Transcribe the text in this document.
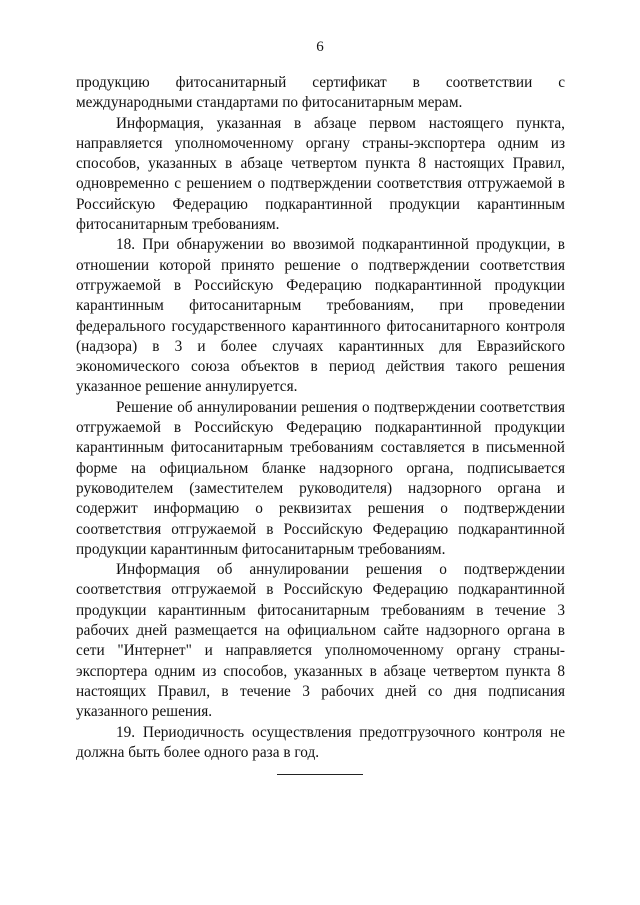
6

продукцию фитосанитарный сертификат в соответствии с международными стандартами по фитосанитарным мерам.

Информация, указанная в абзаце первом настоящего пункта, направляется уполномоченному органу страны-экспортера одним из способов, указанных в абзаце четвертом пункта 8 настоящих Правил, одновременно с решением о подтверждении соответствия отгружаемой в Российскую Федерацию подкарантинной продукции карантинным фитосанитарным требованиям.

18. При обнаружении во ввозимой подкарантинной продукции, в отношении которой принято решение о подтверждении соответствия отгружаемой в Российскую Федерацию подкарантинной продукции карантинным фитосанитарным требованиям, при проведении федерального государственного карантинного фитосанитарного контроля (надзора) в 3 и более случаях карантинных для Евразийского экономического союза объектов в период действия такого решения указанное решение аннулируется.

Решение об аннулировании решения о подтверждении соответствия отгружаемой в Российскую Федерацию подкарантинной продукции карантинным фитосанитарным требованиям составляется в письменной форме на официальном бланке надзорного органа, подписывается руководителем (заместителем руководителя) надзорного органа и содержит информацию о реквизитах решения о подтверждении соответствия отгружаемой в Российскую Федерацию подкарантинной продукции карантинным фитосанитарным требованиям.

Информация об аннулировании решения о подтверждении соответствия отгружаемой в Российскую Федерацию подкарантинной продукции карантинным фитосанитарным требованиям в течение 3 рабочих дней размещается на официальном сайте надзорного органа в сети "Интернет" и направляется уполномоченному органу страны-экспортера одним из способов, указанных в абзаце четвертом пункта 8 настоящих Правил, в течение 3 рабочих дней со дня подписания указанного решения.

19. Периодичность осуществления предотгрузочного контроля не должна быть более одного раза в год.
